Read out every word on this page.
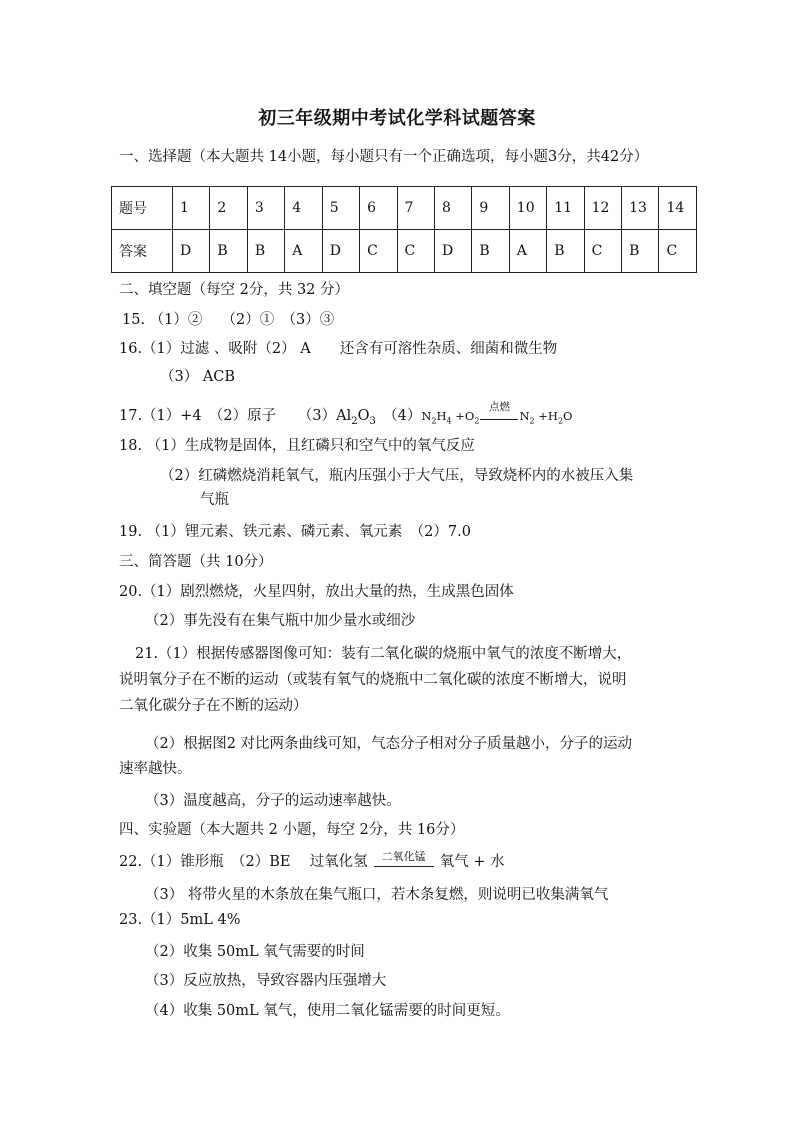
初三年级期中考试化学科试题答案
一、选择题（本大题共 14小题，每小题只有一个正确选项，每小题3分，共42分）
题号	1	2	3	4	5	6	7	8	9	10	11	12	13	14
答案	D	B	B	A	D	C	C	D	B	A	B	C	B	C
二、填空题（每空 2分，共 32 分）
15. （1）②　 （2）①　（3）③
16.（1）过滤 、吸附（2） A　　还含有可溶性杂质、细菌和微生物
（3） ACB
17.（1）+4　（2）原子　　$(3)Al_2O_3$　$(4)N_2H_4 +O_2$
点燃
$N_2 +H_2O$
18. （1）生成物是固体，且红磷只和空气中的氧气反应
（2）红磷燃烧消耗氧气，瓶内压强小于大气压，导致烧杯内的水被压入集
气瓶
19. （1）锂元素、铁元素、磷元素、氧元素　（2）7.0
三、简答题（共 10分）
20.（1）剧烈燃烧，火星四射，放出大量的热，生成黑色固体
（2）事先没有在集气瓶中加少量水或细沙
21.（1）根据传感器图像可知：装有二氧化碳的烧瓶中氧气的浓度不断增大，
说明氧分子在不断的运动（或装有氧气的烧瓶中二氧化碳的浓度不断增大，说明
二氧化碳分子在不断的运动）
（2）根据图2 对比两条曲线可知，气态分子相对分子质量越小，分子的运动
速率越快。
（3）温度越高，分子的运动速率越快。
四、实验题（本大题共 2 小题，每空 2分，共 16分）
22.（1）锥形瓶　（2）BE　 过氧化氢	二氧化锰 氧气 + 水
（3） 将带火星的木条放在集气瓶口，若木条复燃，则说明已收集满氧气
23.（1）5mL 4%
（2）收集 50mL 氧气需要的时间
（3）反应放热，导致容器内压强增大
（4）收集 50mL 氧气，使用二氧化锰需要的时间更短。
